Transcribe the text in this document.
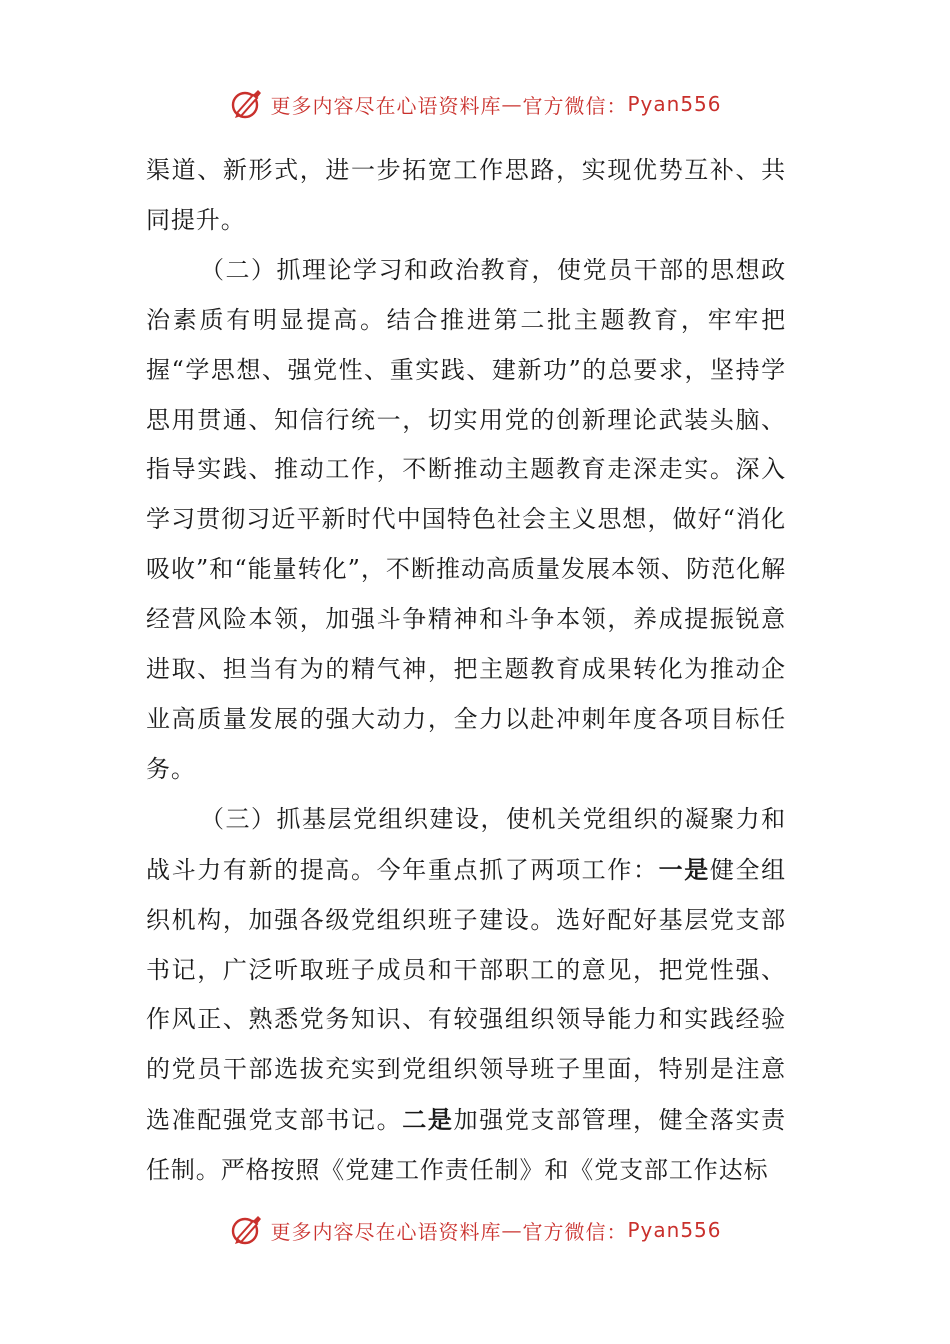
更多内容尽在心语资料库 — 官方微信： Pyan556

渠道、新形式，进一步拓宽工作思路，实现优势互补、共同提升。

（二）抓理论学习和政治教育，使党员干部的思想政治素质有明显提高。结合推进第二批主题教育，牢牢把握“学思想、强党性、重实践、建新功”的总要求，坚持学思用贯通、知信行统一，切实用党的创新理论武装头脑、指导实践、推动工作，不断推动主题教育走深走实。深入学习贯彻习近平新时代中国特色社会主义思想，做好“消化吸收”和“能量转化”，不断推动高质量发展本领、防范化解经营风险本领，加强斗争精神和斗争本领，养成提振锐意进取、担当有为的精气神，把主题教育成果转化为推动企业高质量发展的强大动力，全力以赴冲刺年度各项目标任务。

（三）抓基层党组织建设，使机关党组织的凝聚力和战斗力有新的提高。今年重点抓了两项工作：一是健全组织机构，加强各级党组织班子建设。选好配好基层党支部书记，广泛听取班子成员和干部职工的意见，把党性强、作风正、熟悉党务知识、有较强组织领导能力和实践经验的党员干部选拔充实到党组织领导班子里面，特别是注意选准配强党支部书记。二是加强党支部管理，健全落实责任制。严格按照《党建工作责任制》和《党支部工作达标

更多内容尽在心语资料库 — 官方微信： Pyan556
